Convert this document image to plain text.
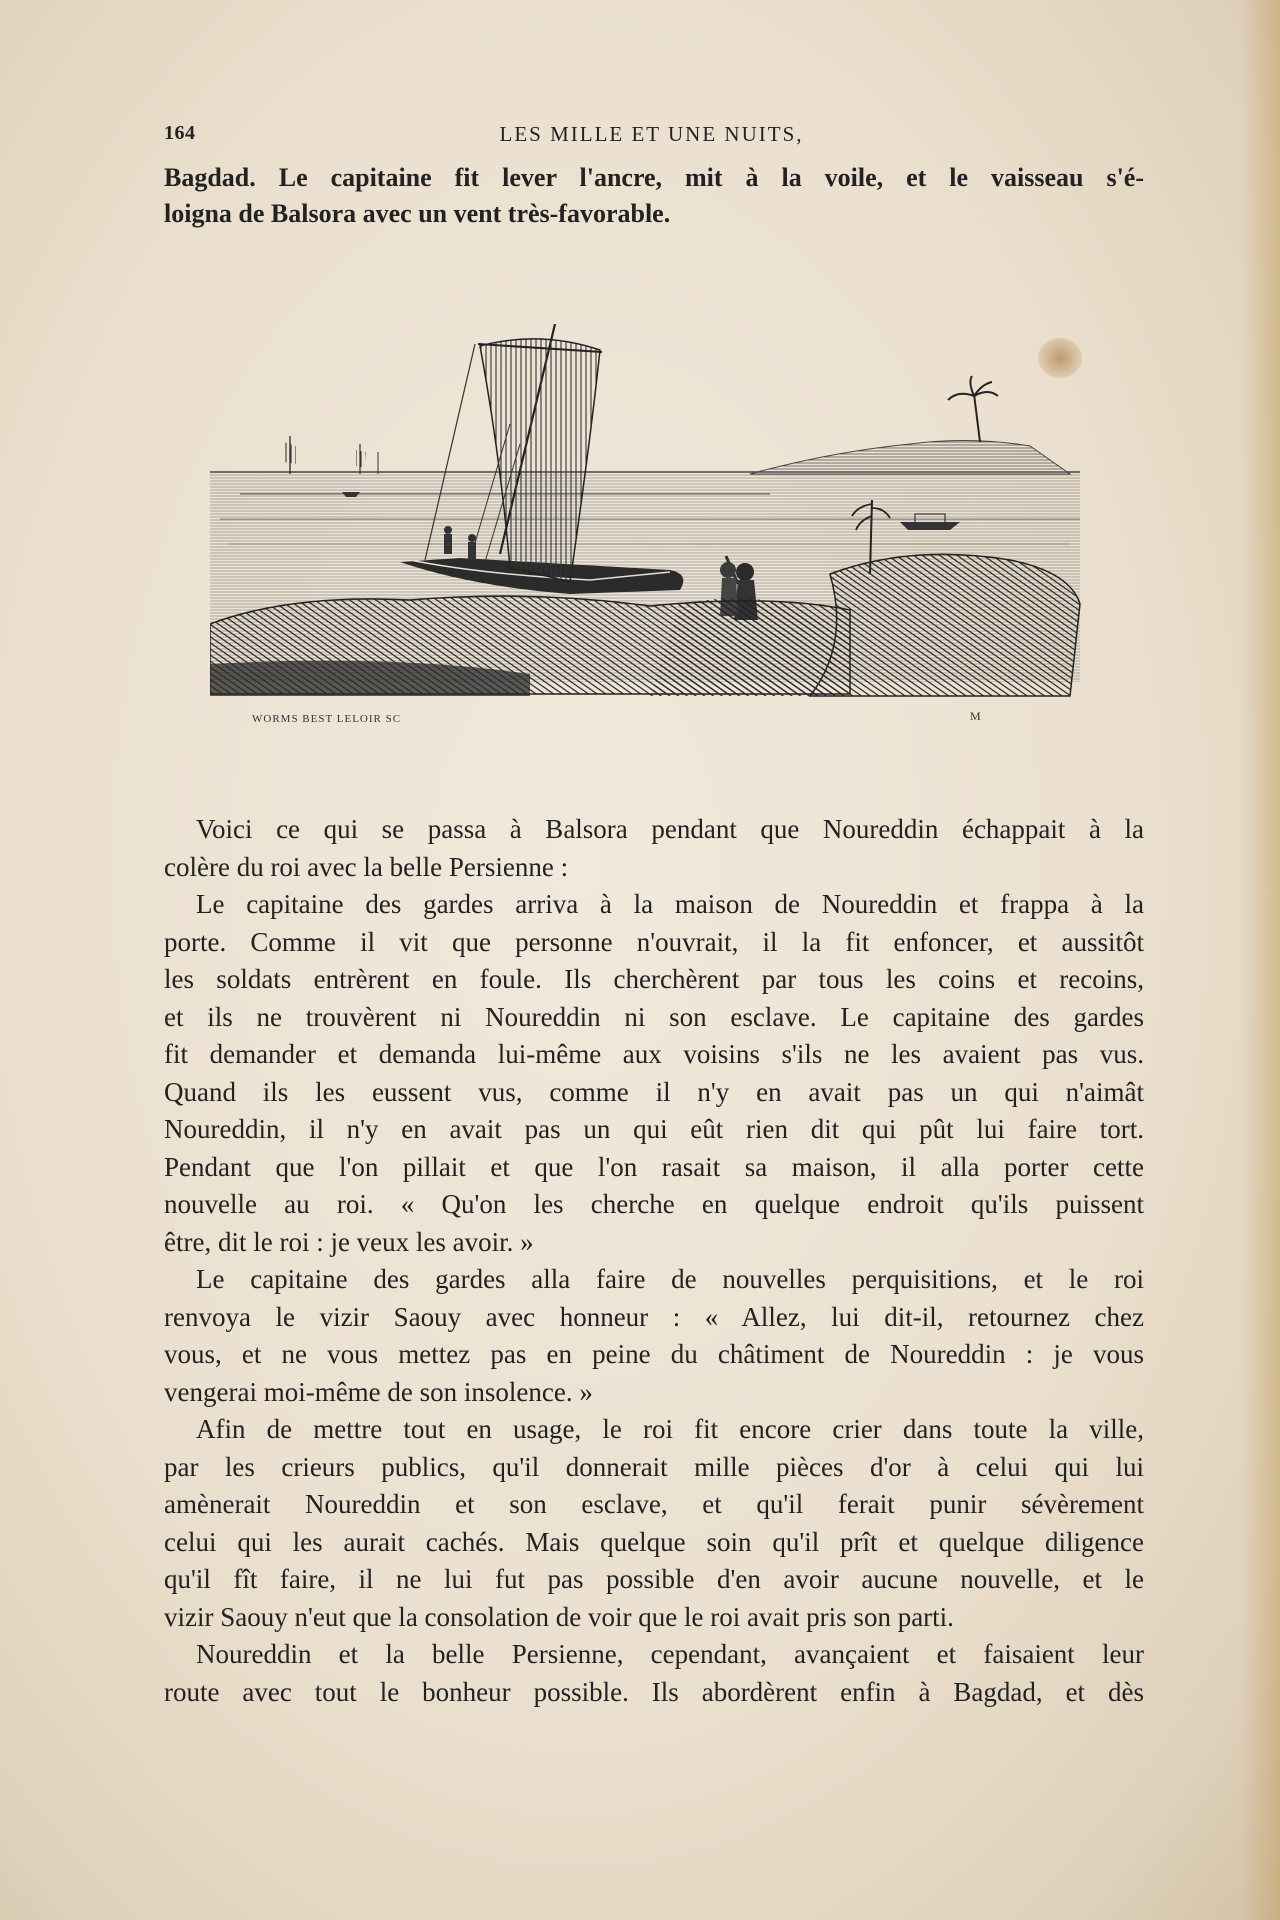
164	LES MILLE ET UNE NUITS,
Bagdad. Le capitaine fit lever l'ancre, mit à la voile, et le vaisseau s'é-
loigna de Balsora avec un vent très-favorable.
WORMS BEST LELOIR SC	M
Voici ce qui se passa à Balsora pendant que Noureddin échappait à la
colère du roi avec la belle Persienne :
Le capitaine des gardes arriva à la maison de Noureddin et frappa à la
porte. Comme il vit que personne n'ouvrait, il la fit enfoncer, et aussitôt
les soldats entrèrent en foule. Ils cherchèrent par tous les coins et recoins,
et ils ne trouvèrent ni Noureddin ni son esclave. Le capitaine des gardes
fit demander et demanda lui-même aux voisins s'ils ne les avaient pas vus.
Quand ils les eussent vus, comme il n'y en avait pas un qui n'aimât
Noureddin, il n'y en avait pas un qui eût rien dit qui pût lui faire tort.
Pendant que l'on pillait et que l'on rasait sa maison, il alla porter cette
nouvelle au roi. « Qu'on les cherche en quelque endroit qu'ils puissent
être, dit le roi : je veux les avoir. »
Le capitaine des gardes alla faire de nouvelles perquisitions, et le roi
renvoya le vizir Saouy avec honneur : « Allez, lui dit-il, retournez chez
vous, et ne vous mettez pas en peine du châtiment de Noureddin : je vous
vengerai moi-même de son insolence. »
Afin de mettre tout en usage, le roi fit encore crier dans toute la ville,
par les crieurs publics, qu'il donnerait mille pièces d'or à celui qui lui
amènerait Noureddin et son esclave, et qu'il ferait punir sévèrement
celui qui les aurait cachés. Mais quelque soin qu'il prît et quelque diligence
qu'il fît faire, il ne lui fut pas possible d'en avoir aucune nouvelle, et le
vizir Saouy n'eut que la consolation de voir que le roi avait pris son parti.
Noureddin et la belle Persienne, cependant, avançaient et faisaient leur
route avec tout le bonheur possible. Ils abordèrent enfin à Bagdad, et dès
